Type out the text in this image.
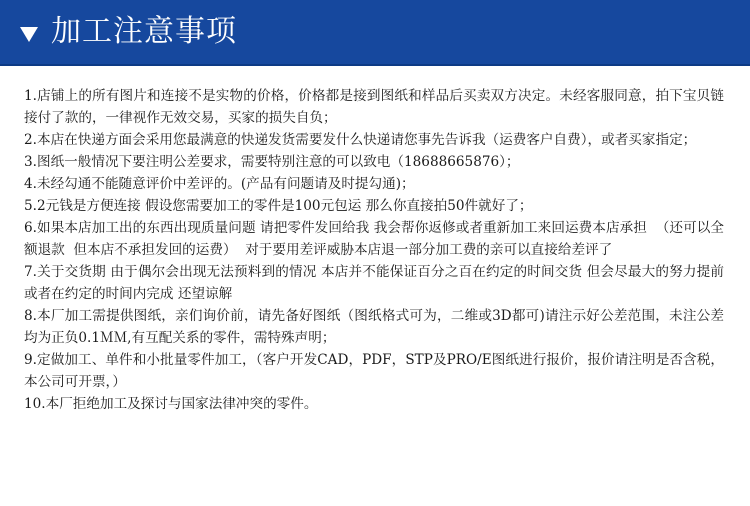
加工注意事项

1.店铺上的所有图片和连接不是实物的价格，价格都是接到图纸和样品后买卖双方决定。未经客服同意，拍下宝贝链接付了款的，一律视作无效交易，买家的损失自负；

2.本店在快递方面会采用您最满意的快递发货需要发什么快递请您事先告诉我（运费客户自费），或者买家指定；

3.图纸一般情况下要注明公差要求，需要特别注意的可以致电（18688665876）；

4.未经勾通不能随意评价中差评的。(产品有问题请及时提勾通)；

5.2元钱是方便连接 假设您需要加工的零件是100元包运 那么你直接拍50件就好了；

6.如果本店加工出的东西出现质量问题 请把零件发回给我 我会帮你返修或者重新加工来回运费本店承担  （还可以全额退款  但本店不承担发回的运费）  对于要用差评威胁本店退一部分加工费的亲可以直接给差评了

7.关于交货期 由于偶尔会出现无法预料到的情况 本店并不能保证百分之百在约定的时间交货 但会尽最大的努力提前或者在约定的时间内完成 还望谅解

8.本厂加工需提供图纸，亲们询价前，请先备好图纸（图纸格式可为，二维或3D都可)请注示好公差范围，未注公差均为正负0.1ＭＭ,有互配关系的零件，需特殊声明；

9.定做加工、单件和小批量零件加工，（客户开发CAD，PDF，STP及PRO/E图纸进行报价，报价请注明是否含税，本公司可开票，）

10.本厂拒绝加工及探讨与国家法律冲突的零件。
